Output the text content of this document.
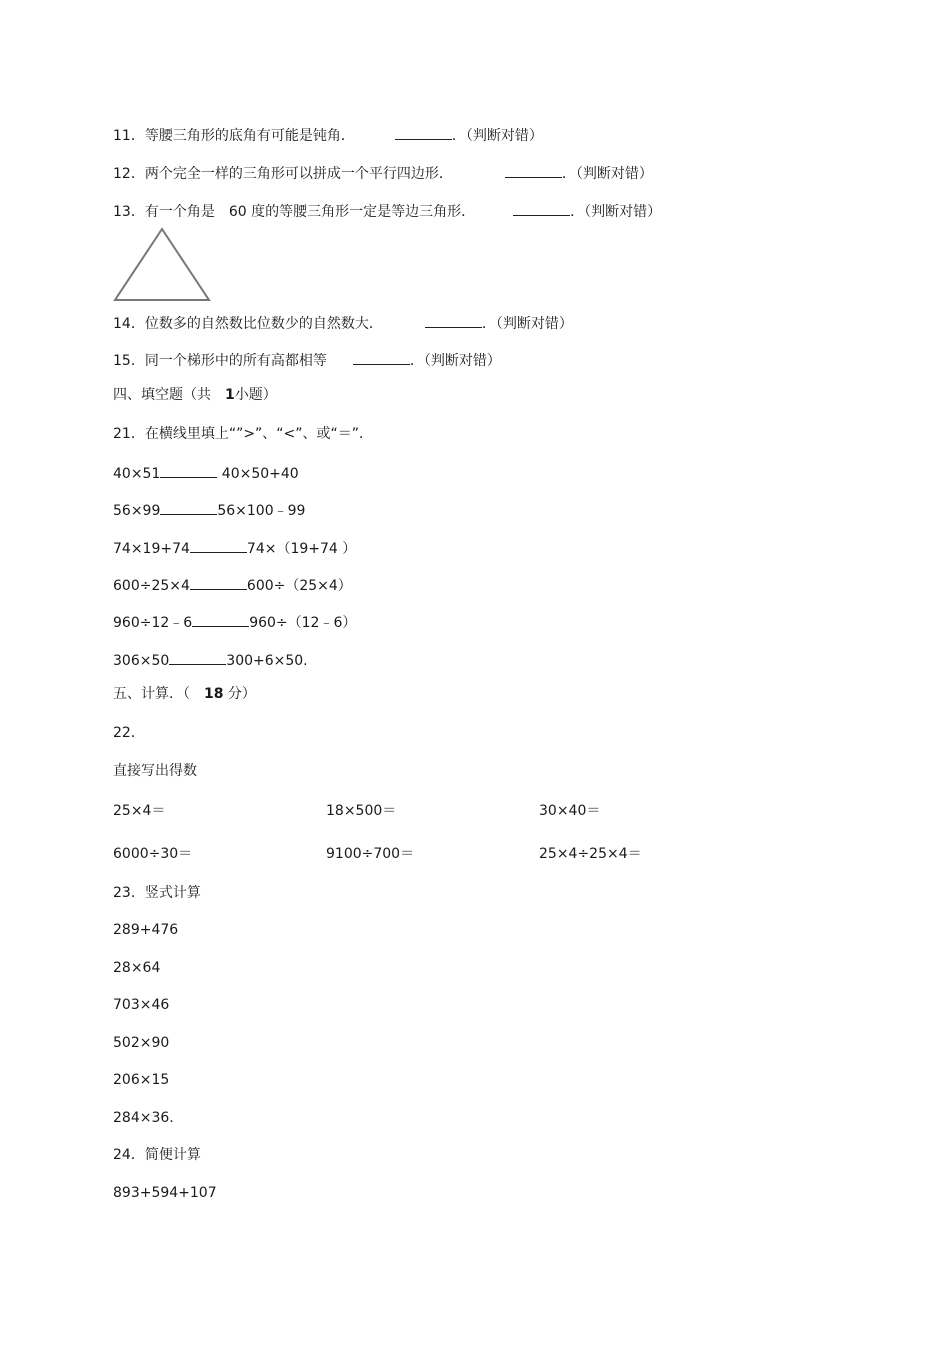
11．等腰三角形的底角有可能是钝角．	．（判断对错）
12．两个完全一样的三角形可以拼成一个平行四边形．	．（判断对错）
13．有一个角是　60 度的等腰三角形一定是等边三角形．	．（判断对错）
14．位数多的自然数比位数少的自然数大．	．（判断对错）
15．同一个梯形中的所有高都相等	．（判断对错）
四、填空题（共　1小题）
21．在横线里填上“”>”、“<”、或“＝”．
40×51	40×50+40
56×99	56×100﹣99
74×19+74	74×（19+74 ）
600÷25×4	600÷（25×4）
960÷12﹣6	960÷（12﹣6）
306×50	300+6×50.
五、计算．（　18 分）
22．
直接写出得数
25×4＝	18×500＝	30×40＝
6000÷30＝	9100÷700＝	25×4÷25×4＝
23．竖式计算
289+476
28×64
703×46
502×90
206×15
284×36.
24．简便计算
893+594+107
